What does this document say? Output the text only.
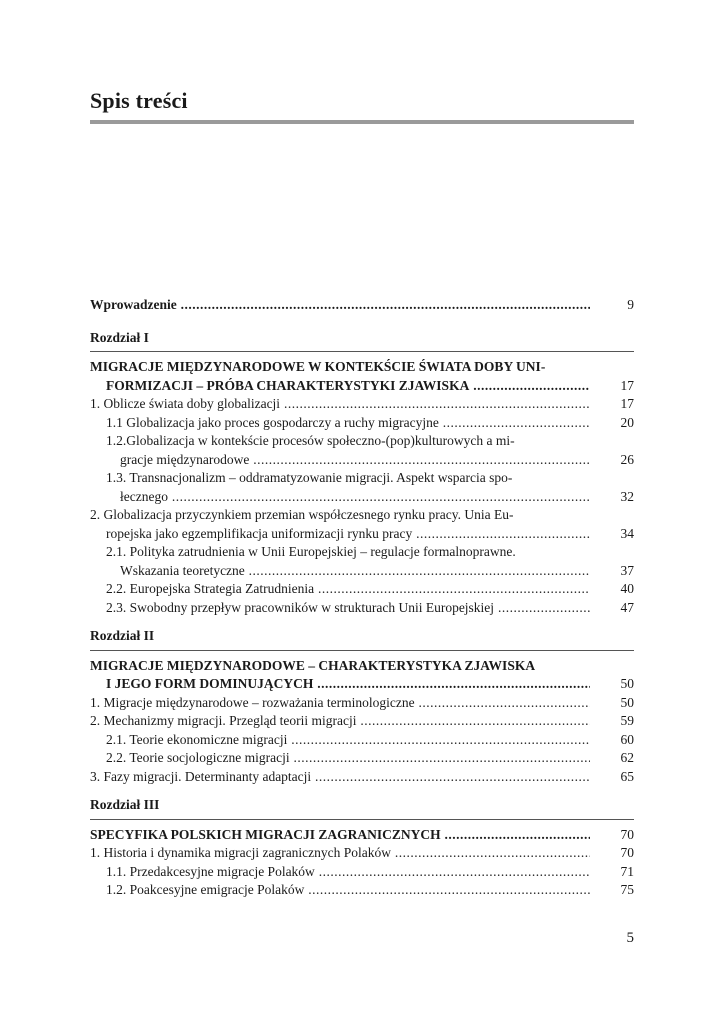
Spis treści
Wprowadzenie .....	9
Rozdział I
MIGRACJE MIĘDZYNARODOWE W KONTEKŚCIE ŚWIATA DOBY UNI-
FORMIZACJI – PRÓBA CHARAKTERYSTYKI ZJAWISKA .....	17
1. Oblicze świata doby globalizacji .....	17
1.1 Globalizacja jako proces gospodarczy a ruchy migracyjne .....	20
1.2.Globalizacja w kontekście procesów społeczno-(pop)kulturowych a mi-
gracje międzynarodowe .....	26
1.3. Transnacjonalizm – oddramatyzowanie migracji. Aspekt wsparcia spo-
łecznego .....	32
2. Globalizacja przyczynkiem przemian współczesnego rynku pracy. Unia Eu-
ropejska jako egzemplifikacja uniformizacji rynku pracy .....	34
2.1. Polityka zatrudnienia w Unii Europejskiej – regulacje formalnoprawne.
Wskazania teoretyczne .....	37
2.2. Europejska Strategia Zatrudnienia .....	40
2.3. Swobodny przepływ pracowników w strukturach Unii Europejskiej .....	47
Rozdział II
MIGRACJE MIĘDZYNARODOWE – CHARAKTERYSTYKA ZJAWISKA
I JEGO FORM DOMINUJĄCYCH .....	50
1. Migracje międzynarodowe – rozważania terminologiczne .....	50
2. Mechanizmy migracji. Przegląd teorii migracji .....	59
2.1. Teorie ekonomiczne migracji .....	60
2.2. Teorie socjologiczne migracji .....	62
3. Fazy migracji. Determinanty adaptacji .....	65
Rozdział III
SPECYFIKA POLSKICH MIGRACJI ZAGRANICZNYCH .....	70
1. Historia i dynamika migracji zagranicznych Polaków .....	70
1.1. Przedakcesyjne migracje Polaków .....	71
1.2. Poakcesyjne emigracje Polaków .....	75
5
